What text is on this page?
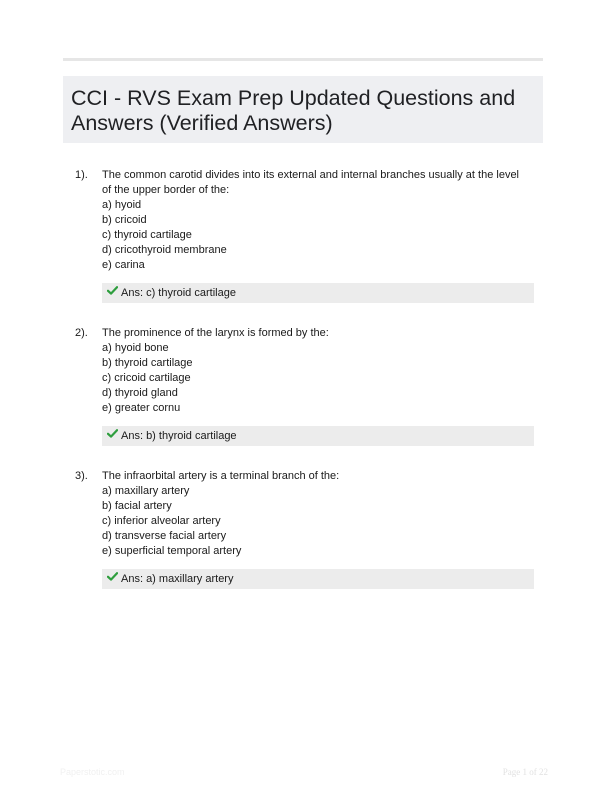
CCI - RVS Exam Prep Updated Questions and Answers (Verified Answers)
1). The common carotid divides into its external and internal branches usually at the level of the upper border of the:

a) hyoid
b) cricoid
c) thyroid cartilage
d) cricothyroid membrane
e) carina
Ans: c) thyroid cartilage
2). The prominence of the larynx is formed by the:

a) hyoid bone
b) thyroid cartilage
c) cricoid cartilage
d) thyroid gland
e) greater cornu
Ans: b) thyroid cartilage
3). The infraorbital artery is a terminal branch of the:

a) maxillary artery
b) facial artery
c) inferior alveolar artery
d) transverse facial artery
e) superficial temporal artery
Ans: a) maxillary artery
Paperstotic.com	Page 1 of 22
